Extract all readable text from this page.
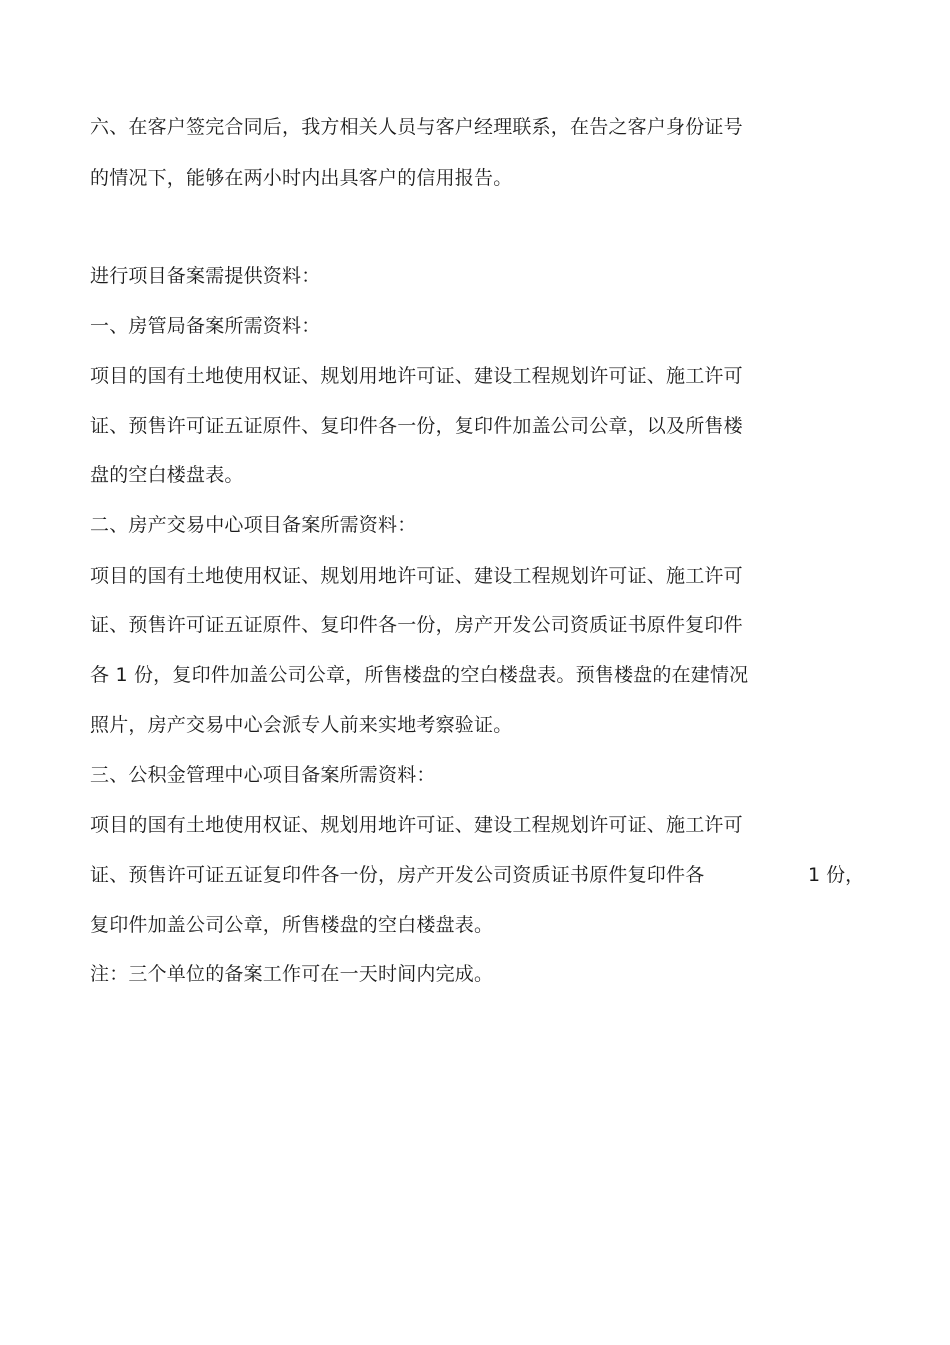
六、在客户签完合同后，我方相关人员与客户经理联系，在告之客户身份证号
的情况下，能够在两小时内出具客户的信用报告。
进行项目备案需提供资料：
一、房管局备案所需资料：
项目的国有土地使用权证、规划用地许可证、建设工程规划许可证、施工许可
证、预售许可证五证原件、复印件各一份，复印件加盖公司公章，以及所售楼
盘的空白楼盘表。
二、房产交易中心项目备案所需资料：
项目的国有土地使用权证、规划用地许可证、建设工程规划许可证、施工许可
证、预售许可证五证原件、复印件各一份，房产开发公司资质证书原件复印件
各 1 份，复印件加盖公司公章，所售楼盘的空白楼盘表。预售楼盘的在建情况
照片，房产交易中心会派专人前来实地考察验证。
三、公积金管理中心项目备案所需资料：
项目的国有土地使用权证、规划用地许可证、建设工程规划许可证、施工许可
证、预售许可证五证复印件各一份，房产开发公司资质证书原件复印件各	1 份，
复印件加盖公司公章，所售楼盘的空白楼盘表。
注：三个单位的备案工作可在一天时间内完成。
